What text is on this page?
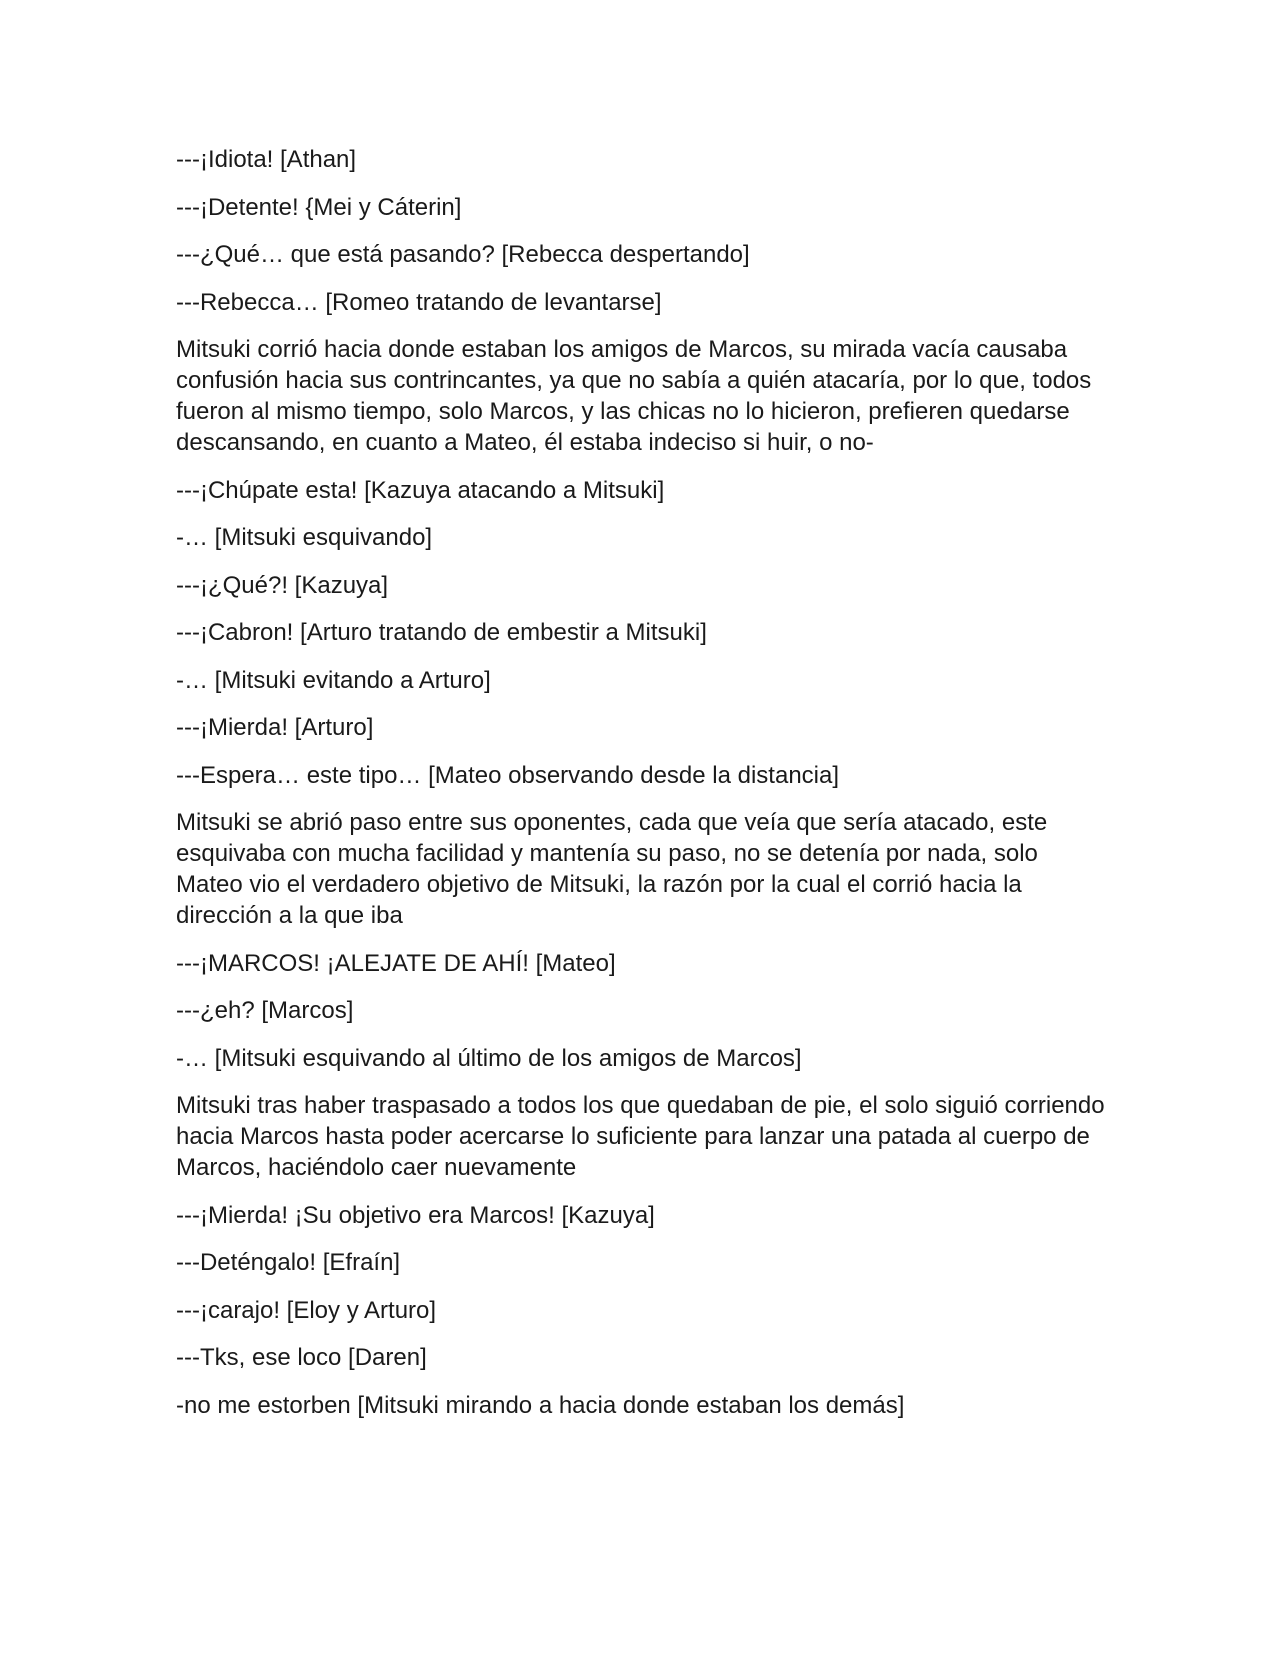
---¡Idiota! [Athan]

---¡Detente! {Mei y Cáterin]

---¿Qué… que está pasando? [Rebecca despertando]

---Rebecca… [Romeo tratando de levantarse]

Mitsuki corrió hacia donde estaban los amigos de Marcos, su mirada vacía causaba confusión hacia sus contrincantes, ya que no sabía a quién atacaría, por lo que, todos fueron al mismo tiempo, solo Marcos, y las chicas no lo hicieron, prefieren quedarse descansando, en cuanto a Mateo, él estaba indeciso si huir, o no-

---¡Chúpate esta! [Kazuya atacando a Mitsuki]

-… [Mitsuki esquivando]

---¡¿Qué?! [Kazuya]

---¡Cabron! [Arturo tratando de embestir a Mitsuki]

-… [Mitsuki evitando a Arturo]

---¡Mierda! [Arturo]

---Espera… este tipo… [Mateo observando desde la distancia]

Mitsuki se abrió paso entre sus oponentes, cada que veía que sería atacado, este esquivaba con mucha facilidad y mantenía su paso, no se detenía por nada, solo Mateo vio el verdadero objetivo de Mitsuki, la razón por la cual el corrió hacia la dirección a la que iba

---¡MARCOS! ¡ALEJATE DE AHÍ! [Mateo]

---¿eh? [Marcos]

-… [Mitsuki esquivando al último de los amigos de Marcos]

Mitsuki tras haber traspasado a todos los que quedaban de pie, el solo siguió corriendo hacia Marcos hasta poder acercarse lo suficiente para lanzar una patada al cuerpo de Marcos, haciéndolo caer nuevamente

---¡Mierda! ¡Su objetivo era Marcos! [Kazuya]

---Deténgalo! [Efraín]

---¡carajo! [Eloy y Arturo]

---Tks, ese loco [Daren]

-no me estorben [Mitsuki mirando a hacia donde estaban los demás]
